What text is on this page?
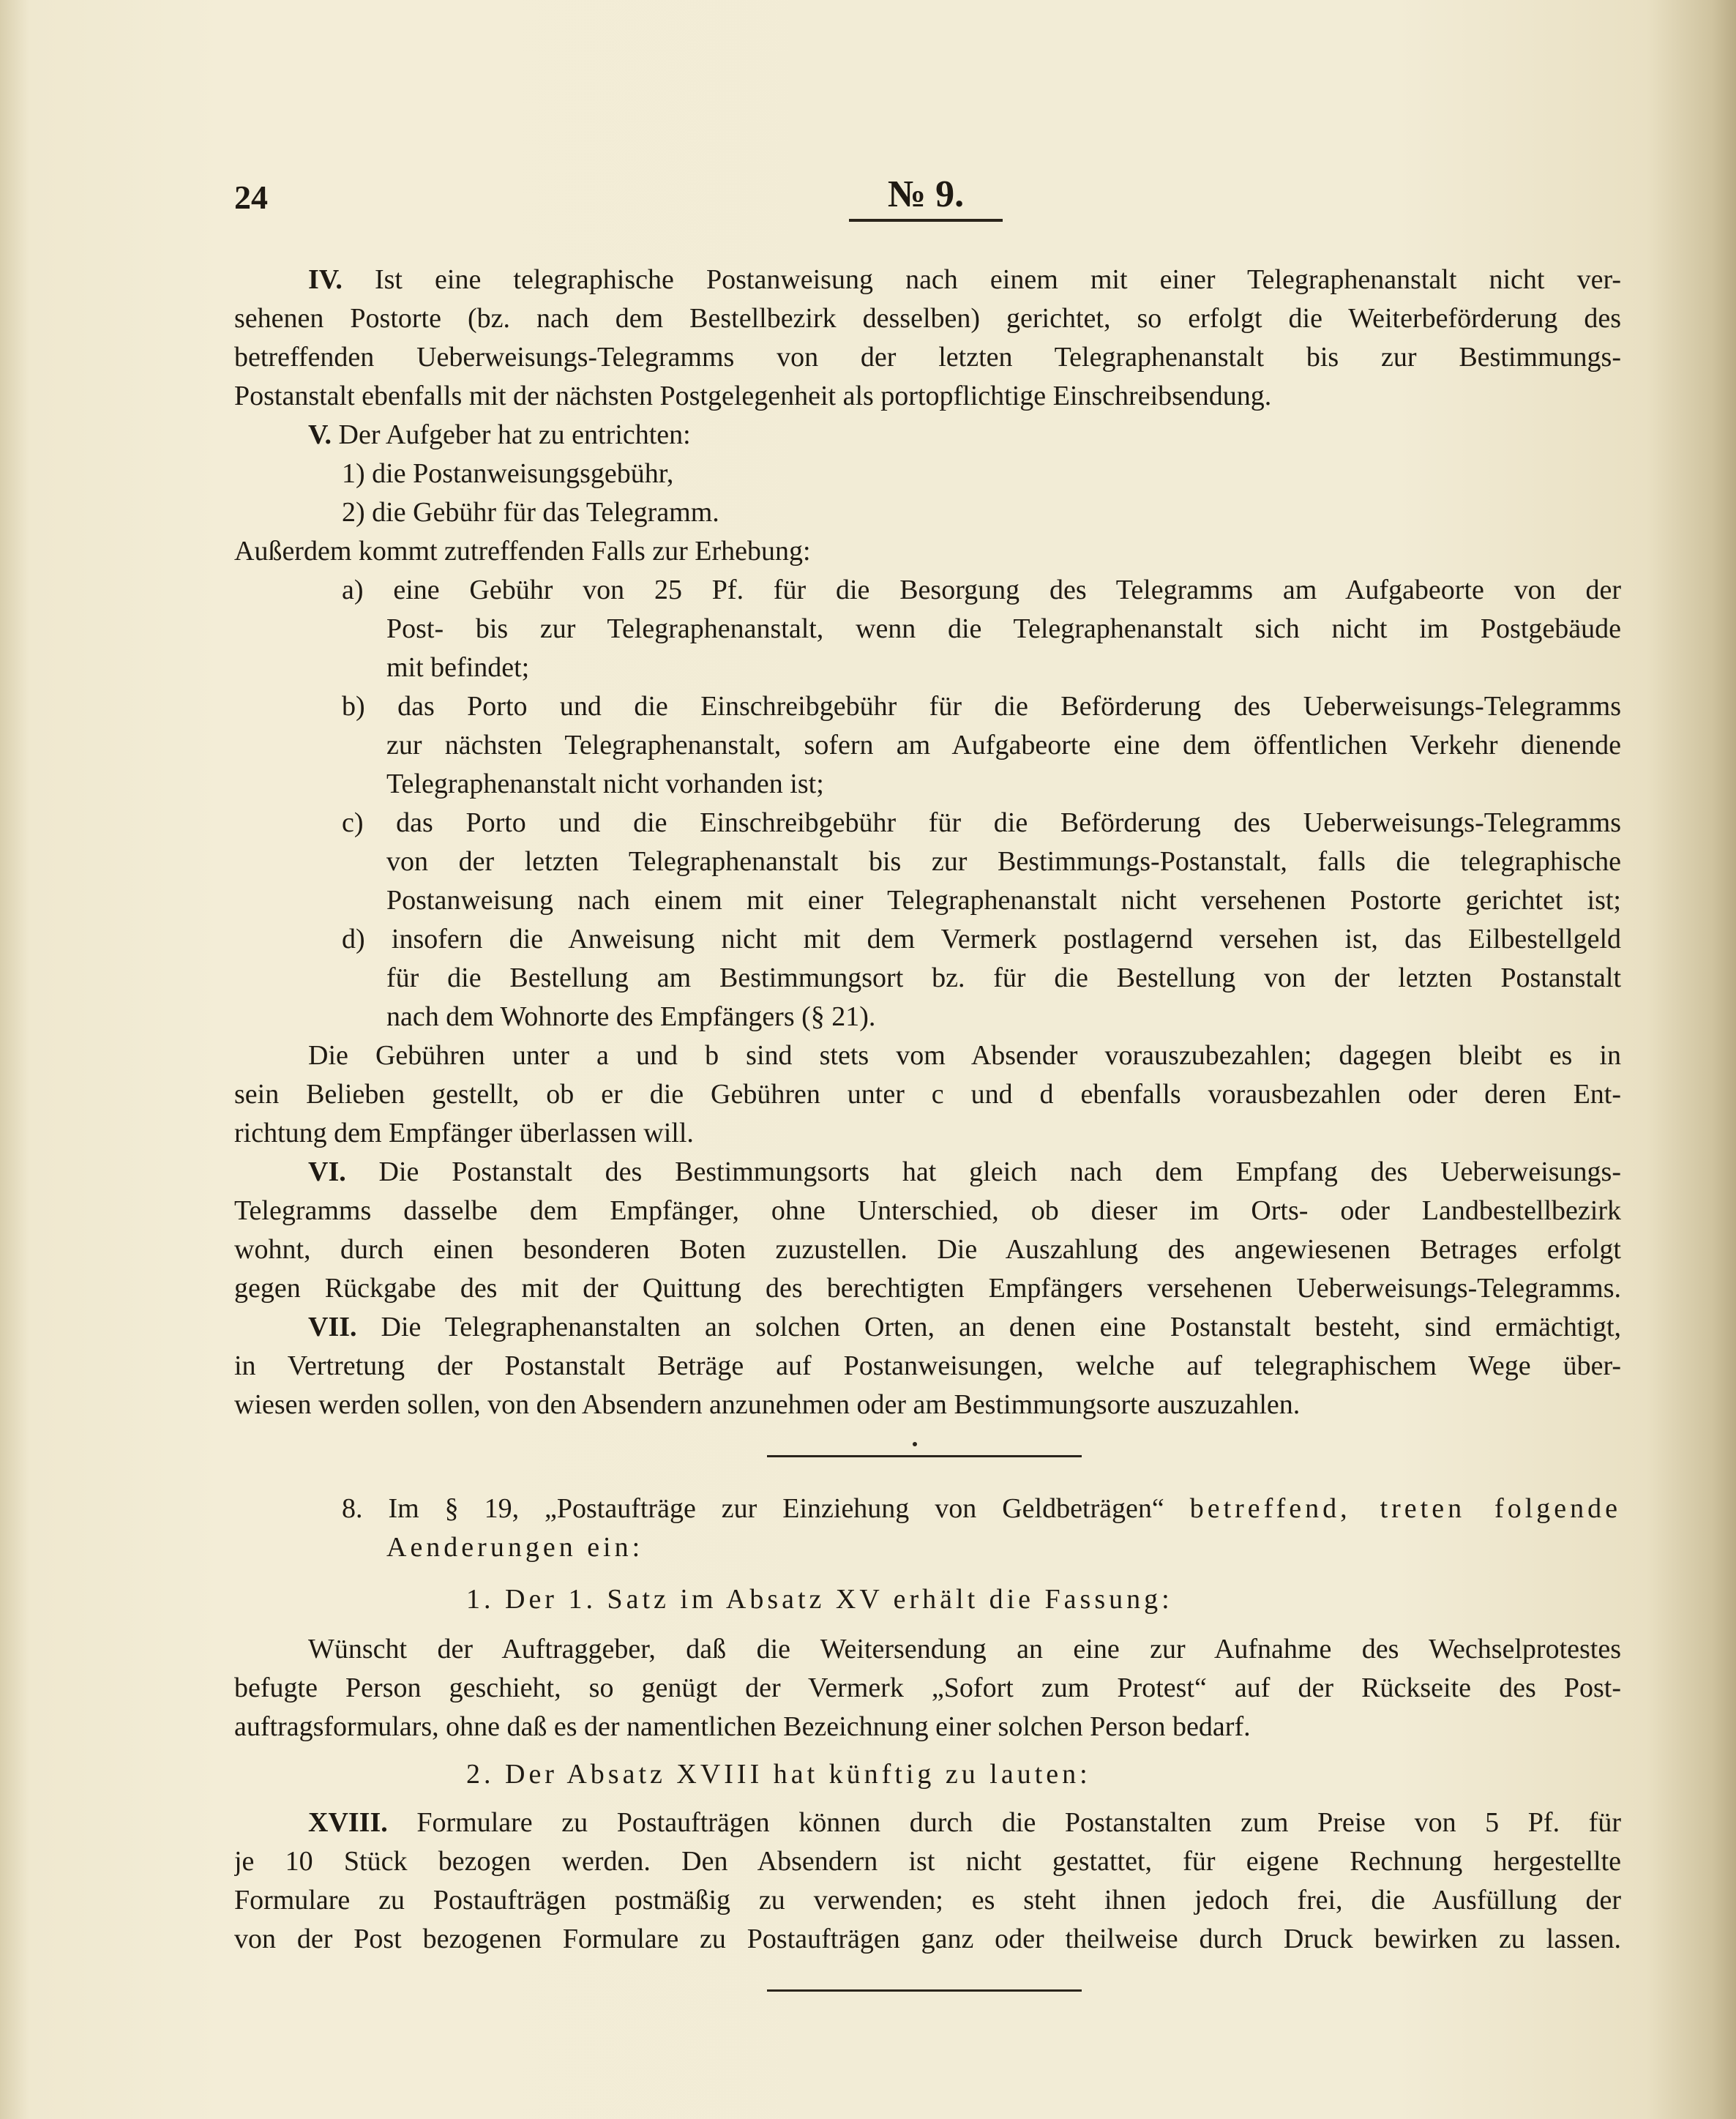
24	№ 9.
IV. Ist eine telegraphische Postanweisung nach einem mit einer Telegraphenanstalt nicht ver-
sehenen Postorte (bz. nach dem Bestellbezirk desselben) gerichtet, so erfolgt die Weiterbeförderung des
betreffenden Ueberweisungs-Telegramms von der letzten Telegraphenanstalt bis zur Bestimmungs-
Postanstalt ebenfalls mit der nächsten Postgelegenheit als portopflichtige Einschreibsendung.
V. Der Aufgeber hat zu entrichten:
1) die Postanweisungsgebühr,
2) die Gebühr für das Telegramm.
Außerdem kommt zutreffenden Falls zur Erhebung:
a) eine Gebühr von 25 Pf. für die Besorgung des Telegramms am Aufgabeorte von der
Post- bis zur Telegraphenanstalt, wenn die Telegraphenanstalt sich nicht im Postgebäude
mit befindet;
b) das Porto und die Einschreibgebühr für die Beförderung des Ueberweisungs-Telegramms
zur nächsten Telegraphenanstalt, sofern am Aufgabeorte eine dem öffentlichen Verkehr dienende
Telegraphenanstalt nicht vorhanden ist;
c) das Porto und die Einschreibgebühr für die Beförderung des Ueberweisungs-Telegramms
von der letzten Telegraphenanstalt bis zur Bestimmungs-Postanstalt, falls die telegraphische
Postanweisung nach einem mit einer Telegraphenanstalt nicht versehenen Postorte gerichtet ist;
d) insofern die Anweisung nicht mit dem Vermerk postlagernd versehen ist, das Eilbestellgeld
für die Bestellung am Bestimmungsort bz. für die Bestellung von der letzten Postanstalt
nach dem Wohnorte des Empfängers (§ 21).
Die Gebühren unter a und b sind stets vom Absender vorauszubezahlen; dagegen bleibt es in
sein Belieben gestellt, ob er die Gebühren unter c und d ebenfalls vorausbezahlen oder deren Ent-
richtung dem Empfänger überlassen will.
VI. Die Postanstalt des Bestimmungsorts hat gleich nach dem Empfang des Ueberweisungs-
Telegramms dasselbe dem Empfänger, ohne Unterschied, ob dieser im Orts- oder Landbestellbezirk
wohnt, durch einen besonderen Boten zuzustellen. Die Auszahlung des angewiesenen Betrages erfolgt
gegen Rückgabe des mit der Quittung des berechtigten Empfängers versehenen Ueberweisungs-Telegramms.
VII. Die Telegraphenanstalten an solchen Orten, an denen eine Postanstalt besteht, sind ermächtigt,
in Vertretung der Postanstalt Beträge auf Postanweisungen, welche auf telegraphischem Wege über-
wiesen werden sollen, von den Absendern anzunehmen oder am Bestimmungsorte auszuzahlen.
8. Im § 19, „Postaufträge zur Einziehung von Geldbeträgen“ betreffend, treten folgende
Aenderungen ein:
1. Der 1. Satz im Absatz XV erhält die Fassung:
Wünscht der Auftraggeber, daß die Weitersendung an eine zur Aufnahme des Wechselprotestes
befugte Person geschieht, so genügt der Vermerk „Sofort zum Protest“ auf der Rückseite des Post-
auftragsformulars, ohne daß es der namentlichen Bezeichnung einer solchen Person bedarf.
2. Der Absatz XVIII hat künftig zu lauten:
XVIII. Formulare zu Postaufträgen können durch die Postanstalten zum Preise von 5 Pf. für
je 10 Stück bezogen werden. Den Absendern ist nicht gestattet, für eigene Rechnung hergestellte
Formulare zu Postaufträgen postmäßig zu verwenden; es steht ihnen jedoch frei, die Ausfüllung der
von der Post bezogenen Formulare zu Postaufträgen ganz oder theilweise durch Druck bewirken zu lassen.
